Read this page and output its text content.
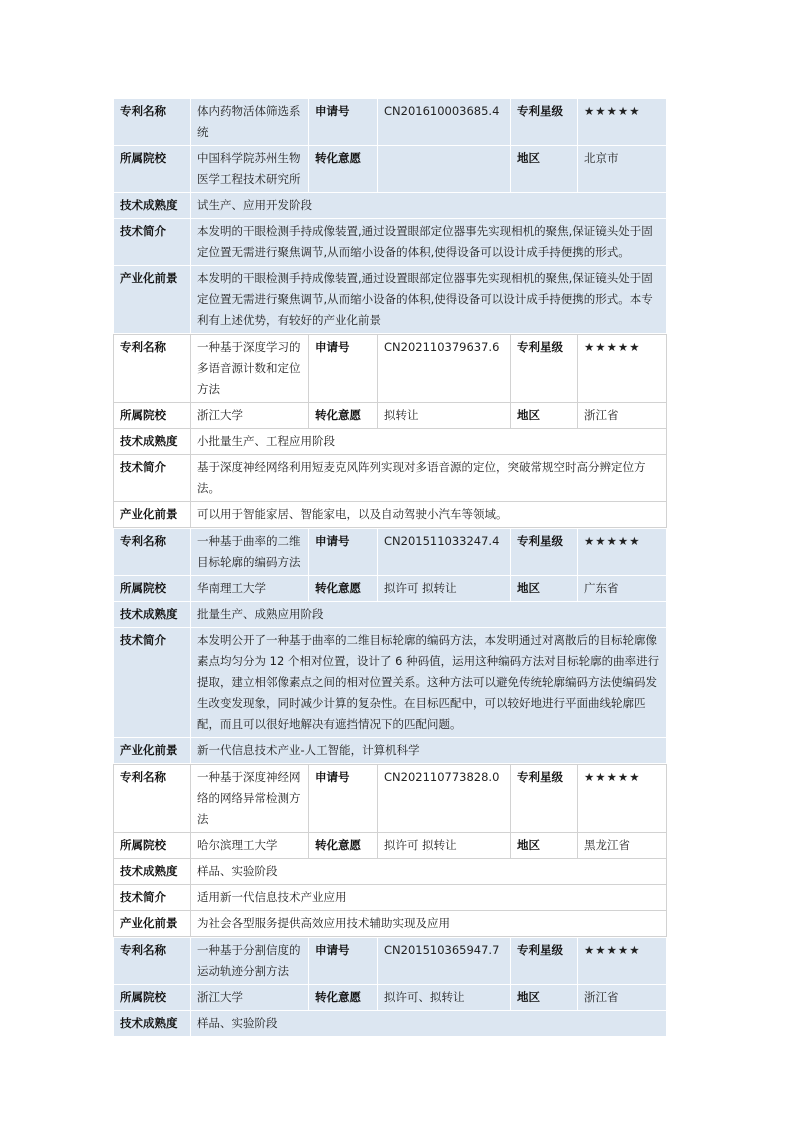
专利名称	体内药物活体筛选系统	申请号	CN201610003685.4	专利星级	★★★★★
所属院校	中国科学院苏州生物医学工程技术研究所	转化意愿		地区	北京市
技术成熟度	试生产、应用开发阶段				
技术简介	本发明的干眼检测手持成像装置,通过设置眼部定位器事先实现相机的聚焦,保证镜头处于固定位置无需进行聚焦调节,从而缩小设备的体积,使得设备可以设计成手持便携的形式。				
产业化前景	本发明的干眼检测手持成像装置,通过设置眼部定位器事先实现相机的聚焦,保证镜头处于固定位置无需进行聚焦调节,从而缩小设备的体积,使得设备可以设计成手持便携的形式。本专利有上述优势，有较好的产业化前景				
专利名称	一种基于深度学习的多语音源计数和定位方法	申请号	CN202110379637.6	专利星级	★★★★★
所属院校	浙江大学	转化意愿	拟转让	地区	浙江省
技术成熟度	小批量生产、工程应用阶段				
技术简介	基于深度神经网络利用短麦克风阵列实现对多语音源的定位，突破常规空时高分辨定位方法。				
产业化前景	可以用于智能家居、智能家电，以及自动驾驶小汽车等领域。				
专利名称	一种基于曲率的二维目标轮廓的编码方法	申请号	CN201511033247.4	专利星级	★★★★★
所属院校	华南理工大学	转化意愿	拟许可 拟转让	地区	广东省
技术成熟度	批量生产、成熟应用阶段				
技术简介	本发明公开了一种基于曲率的二维目标轮廓的编码方法，本发明通过对离散后的目标轮廓像素点均匀分为 12 个相对位置，设计了 6 种码值，运用这种编码方法对目标轮廓的曲率进行提取，建立相邻像素点之间的相对位置关系。这种方法可以避免传统轮廓编码方法使编码发生改变发现象，同时减少计算的复杂性。在目标匹配中，可以较好地进行平面曲线轮廓匹配，而且可以很好地解决有遮挡情况下的匹配问题。				
产业化前景	新一代信息技术产业-人工智能，计算机科学				
专利名称	一种基于深度神经网络的网络异常检测方法	申请号	CN202110773828.0	专利星级	★★★★★
所属院校	哈尔滨理工大学	转化意愿	拟许可 拟转让	地区	黑龙江省
技术成熟度	样品、实验阶段				
技术简介	适用新一代信息技术产业应用				
产业化前景	为社会各型服务提供高效应用技术辅助实现及应用				
专利名称	一种基于分割信度的运动轨迹分割方法	申请号	CN201510365947.7	专利星级	★★★★★
所属院校	浙江大学	转化意愿	拟许可、拟转让	地区	浙江省
技术成熟度	样品、实验阶段				
